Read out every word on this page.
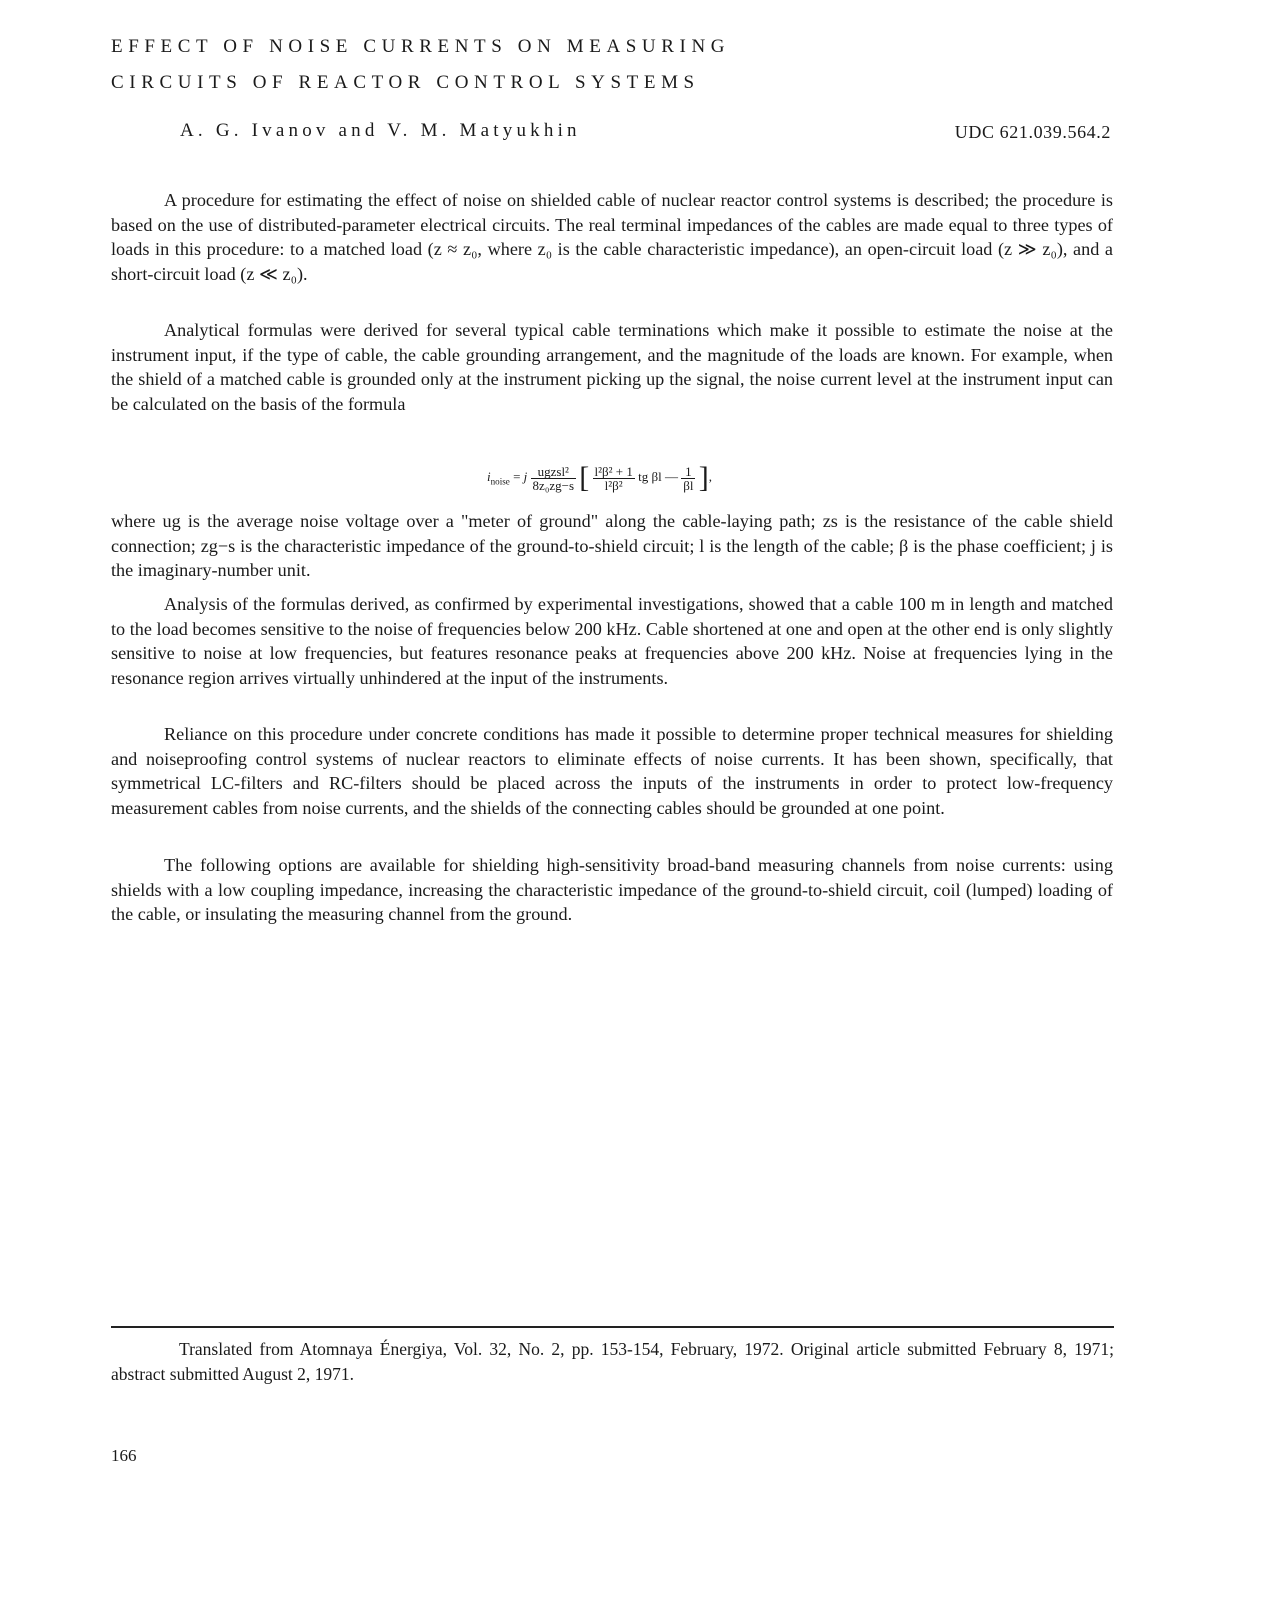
EFFECT OF NOISE CURRENTS ON MEASURING
CIRCUITS OF REACTOR CONTROL SYSTEMS
A. G. Ivanov and V. M. Matyukhin	UDC 621.039.564.2
A procedure for estimating the effect of noise on shielded cable of nuclear reactor control systems is described; the procedure is based on the use of distributed-parameter electrical circuits. The real terminal impedances of the cables are made equal to three types of loads in this procedure: to a matched load (z ≈ z₀, where z₀ is the cable characteristic impedance), an open-circuit load (z ≫ z₀), and a short-circuit load (z ≪ z₀).
Analytical formulas were derived for several typical cable terminations which make it possible to estimate the noise at the instrument input, if the type of cable, the cable grounding arrangement, and the magnitude of the loads are known. For example, when the shield of a matched cable is grounded only at the instrument picking up the signal, the noise current level at the instrument input can be calculated on the basis of the formula
$i_{noise} = j \frac{\text{ugzsl²}}{\text{8z₀zg−s}}$ [ $\frac{\text{l²β² + 1}}{\text{l²β²}}$ tg βl — $\frac{1}{\beta l}$ ],
where ug is the average noise voltage over a "meter of ground" along the cable-laying path; zs is the resistance of the cable shield connection; zg−s is the characteristic impedance of the ground-to-shield circuit; l is the length of the cable; β is the phase coefficient; j is the imaginary-number unit.
Analysis of the formulas derived, as confirmed by experimental investigations, showed that a cable 100 m in length and matched to the load becomes sensitive to the noise of frequencies below 200 kHz. Cable shortened at one and open at the other end is only slightly sensitive to noise at low frequencies, but features resonance peaks at frequencies above 200 kHz. Noise at frequencies lying in the resonance region arrives virtually unhindered at the input of the instruments.
Reliance on this procedure under concrete conditions has made it possible to determine proper technical measures for shielding and noiseproofing control systems of nuclear reactors to eliminate effects of noise currents. It has been shown, specifically, that symmetrical LC-filters and RC-filters should be placed across the inputs of the instruments in order to protect low-frequency measurement cables from noise currents, and the shields of the connecting cables should be grounded at one point.
The following options are available for shielding high-sensitivity broad-band measuring channels from noise currents: using shields with a low coupling impedance, increasing the characteristic impedance of the ground-to-shield circuit, coil (lumped) loading of the cable, or insulating the measuring channel from the ground.
Translated from Atomnaya Énergiya, Vol. 32, No. 2, pp. 153-154, February, 1972. Original article submitted February 8, 1971; abstract submitted August 2, 1971.
166
